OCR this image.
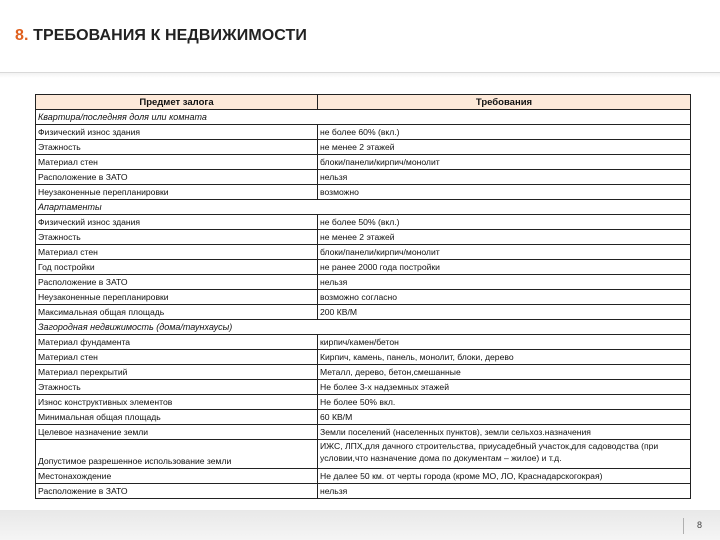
8. ТРЕБОВАНИЯ К НЕДВИЖИМОСТИ
Предмет залога	Требования
Квартира/последняя доля или комната	
Физический износ здания	не более 60% (вкл.)
Этажность	не менее 2 этажей
Материал стен	блоки/панели/кирпич/монолит
Расположение в ЗАТО	нельзя
Неузаконенные перепланировки	возможно
Апартаменты	
Физический износ здания	не более 50% (вкл.)
Этажность	не менее 2 этажей
Материал стен	блоки/панели/кирпич/монолит
Год постройки	не ранее 2000 года постройки
Расположение в ЗАТО	нельзя
Неузаконенные перепланировки	возможно согласно
Максимальная общая площадь	200 КВ/М
Загородная недвижимость (дома/таунхаусы)	
Материал фундамента	кирпич/камен/бетон
Материал стен	Кирпич, камень, панель, монолит, блоки, дерево
Материал перекрытий	Металл, дерево, бетон,смешанные
Этажность	Не более 3-х надземных этажей
Износ конструктивных элементов	Не более 50% вкл.
Минимальная общая площадь	60 КВ/М
Целевое назначение земли	Земли поселений (населенных пунктов), земли сельхоз.назначения
Допустимое разрешенное использование земли	ИЖС, ЛПХ,для дачного строительства, приусадебный участок,для садоводства (при условии,что назначение дома по документам – жилое) и т.д.
Местонахождение	Не далее 50 км. от черты города (кроме МО, ЛО, Краснадарскогокрая)
Расположение в ЗАТО	нельзя
8
